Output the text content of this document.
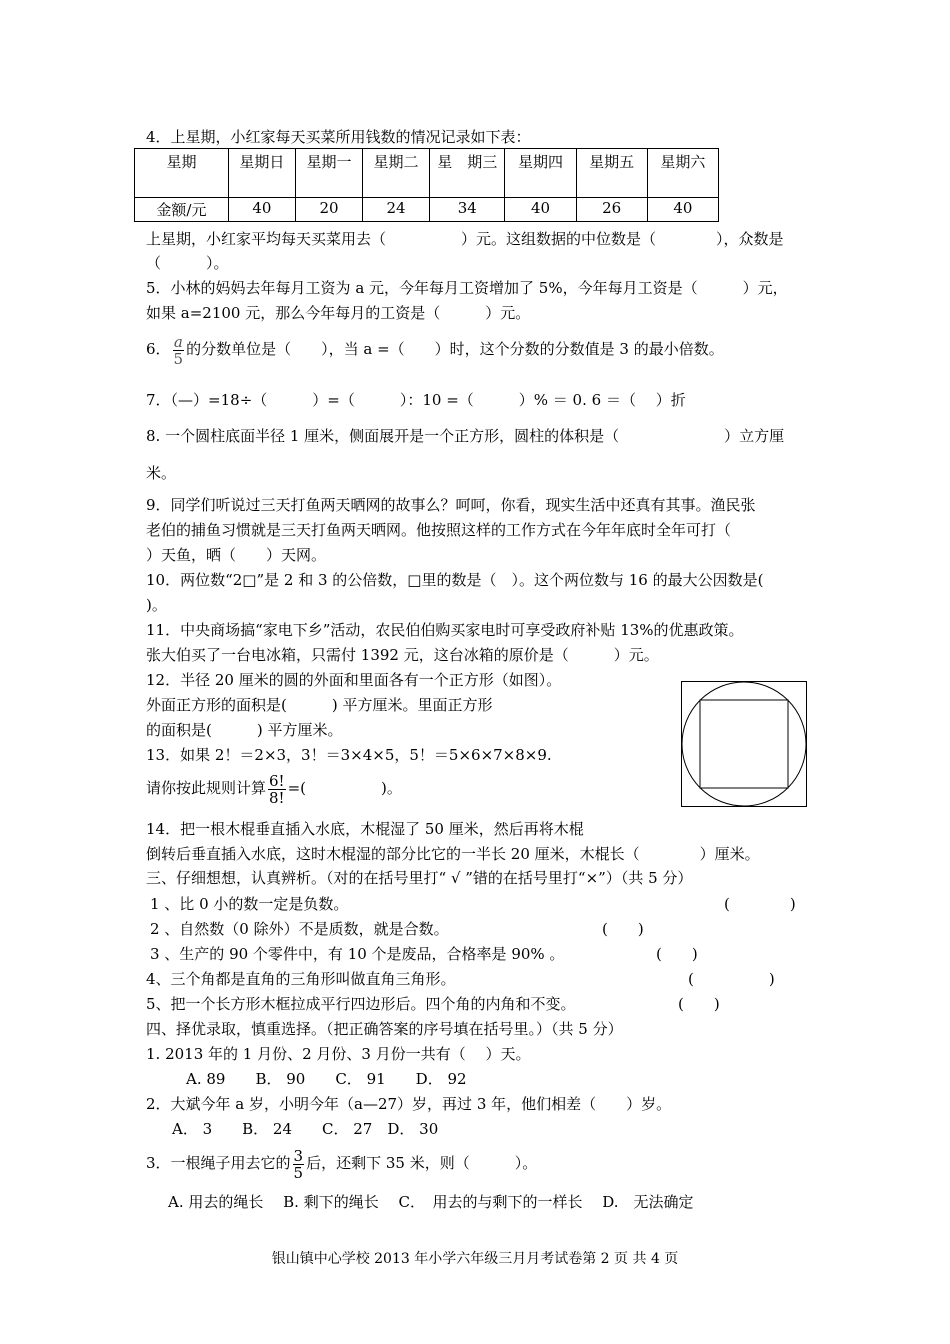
4．上星期，小红家每天买菜所用钱数的情况记录如下表：
星期	星期日	星期一	星期二	星　期三	星期四	星期五	星期六
金额/元	40	20	24	34	40	26	40
上星期，小红家平均每天买菜用去（　　　　　）元。这组数据的中位数是（　　　　），众数是
（　　　）。
5．小林的妈妈去年每月工资为 a 元，今年每月工资增加了 5%，今年每月工资是（　　　）元，
如果 a=2100 元，那么今年每月的工资是（　　　）元。
6． $\frac{a}{5}$ 的分数单位是（　　），当 a =（　　）时，这个分数的分数值是 3 的最小倍数。
7．（—）=18÷（　　　）=（　　　）：10 =（　　　）% ＝ 0. 6 ＝（　 ）折
8. 一个圆柱底面半径 1 厘米，侧面展开是一个正方形，圆柱的体积是（　　　　　　　）立方厘
米。
9．同学们听说过三天打鱼两天晒网的故事么？呵呵，你看，现实生活中还真有其事。渔民张
老伯的捕鱼习惯就是三天打鱼两天晒网。他按照这样的工作方式在今年年底时全年可打（
）天鱼，晒（　　）天网。
10．两位数“2□”是 2 和 3 的公倍数，□里的数是（　）。这个两位数与 16 的最大公因数是(
)。
11．中央商场搞“家电下乡”活动，农民伯伯购买家电时可享受政府补贴 13%的优惠政策。
张大伯买了一台电冰箱，只需付 1392 元，这台冰箱的原价是（　　　）元。
12．半径 20 厘米的圆的外面和里面各有一个正方形（如图）。
外面正方形的面积是(　　　) 平方厘米。里面正方形
的面积是(　　　) 平方厘米。
13．如果 2！＝2×3，3！＝3×4×5，5！＝5×6×7×8×9.
请你按此规则计算 $\frac{6!}{8!}$ =(　　　　　)。
14．把一根木棍垂直插入水底，木棍湿了 50 厘米，然后再将木棍
倒转后垂直插入水底，这时木棍湿的部分比它的一半长 20 厘米，木棍长（　　　　）厘米。
三、仔细想想，认真辨析。（对的在括号里打“ √ ”错的在括号里打“×”）（共 5 分）
1 、比 0 小的数一定是负数。	(　　　　)
2 、自然数（0 除外）不是质数，就是合数。	(　　)
3 、生产的 90 个零件中，有 10 个是废品，合格率是 90% 。	(　　)
4、三个角都是直角的三角形叫做直角三角形。	(　　　　　)
5、把一个长方形木框拉成平行四边形后。四个角的内角和不变。	(　　)
四、择优录取，慎重选择。（把正确答案的序号填在括号里。）（共 5 分）
1. 2013 年的 1 月份、2 月份、3 月份一共有（　 ）天。
A. 89　　B． 90　　C． 91　　D． 92
2．大斌今年 a 岁，小明今年（a—27）岁，再过 3 年，他们相差（　　）岁。
A． 3　　B． 24　　C． 27　D． 30
3．一根绳子用去它的 $\frac{3}{5}$ 后，还剩下 35 米，则（　　　）。
A. 用去的绳长　 B. 剩下的绳长　 C．　用去的与剩下的一样长　 D.　无法确定
银山镇中心学校 2013 年小学六年级三月月考试卷第 2 页 共 4 页
